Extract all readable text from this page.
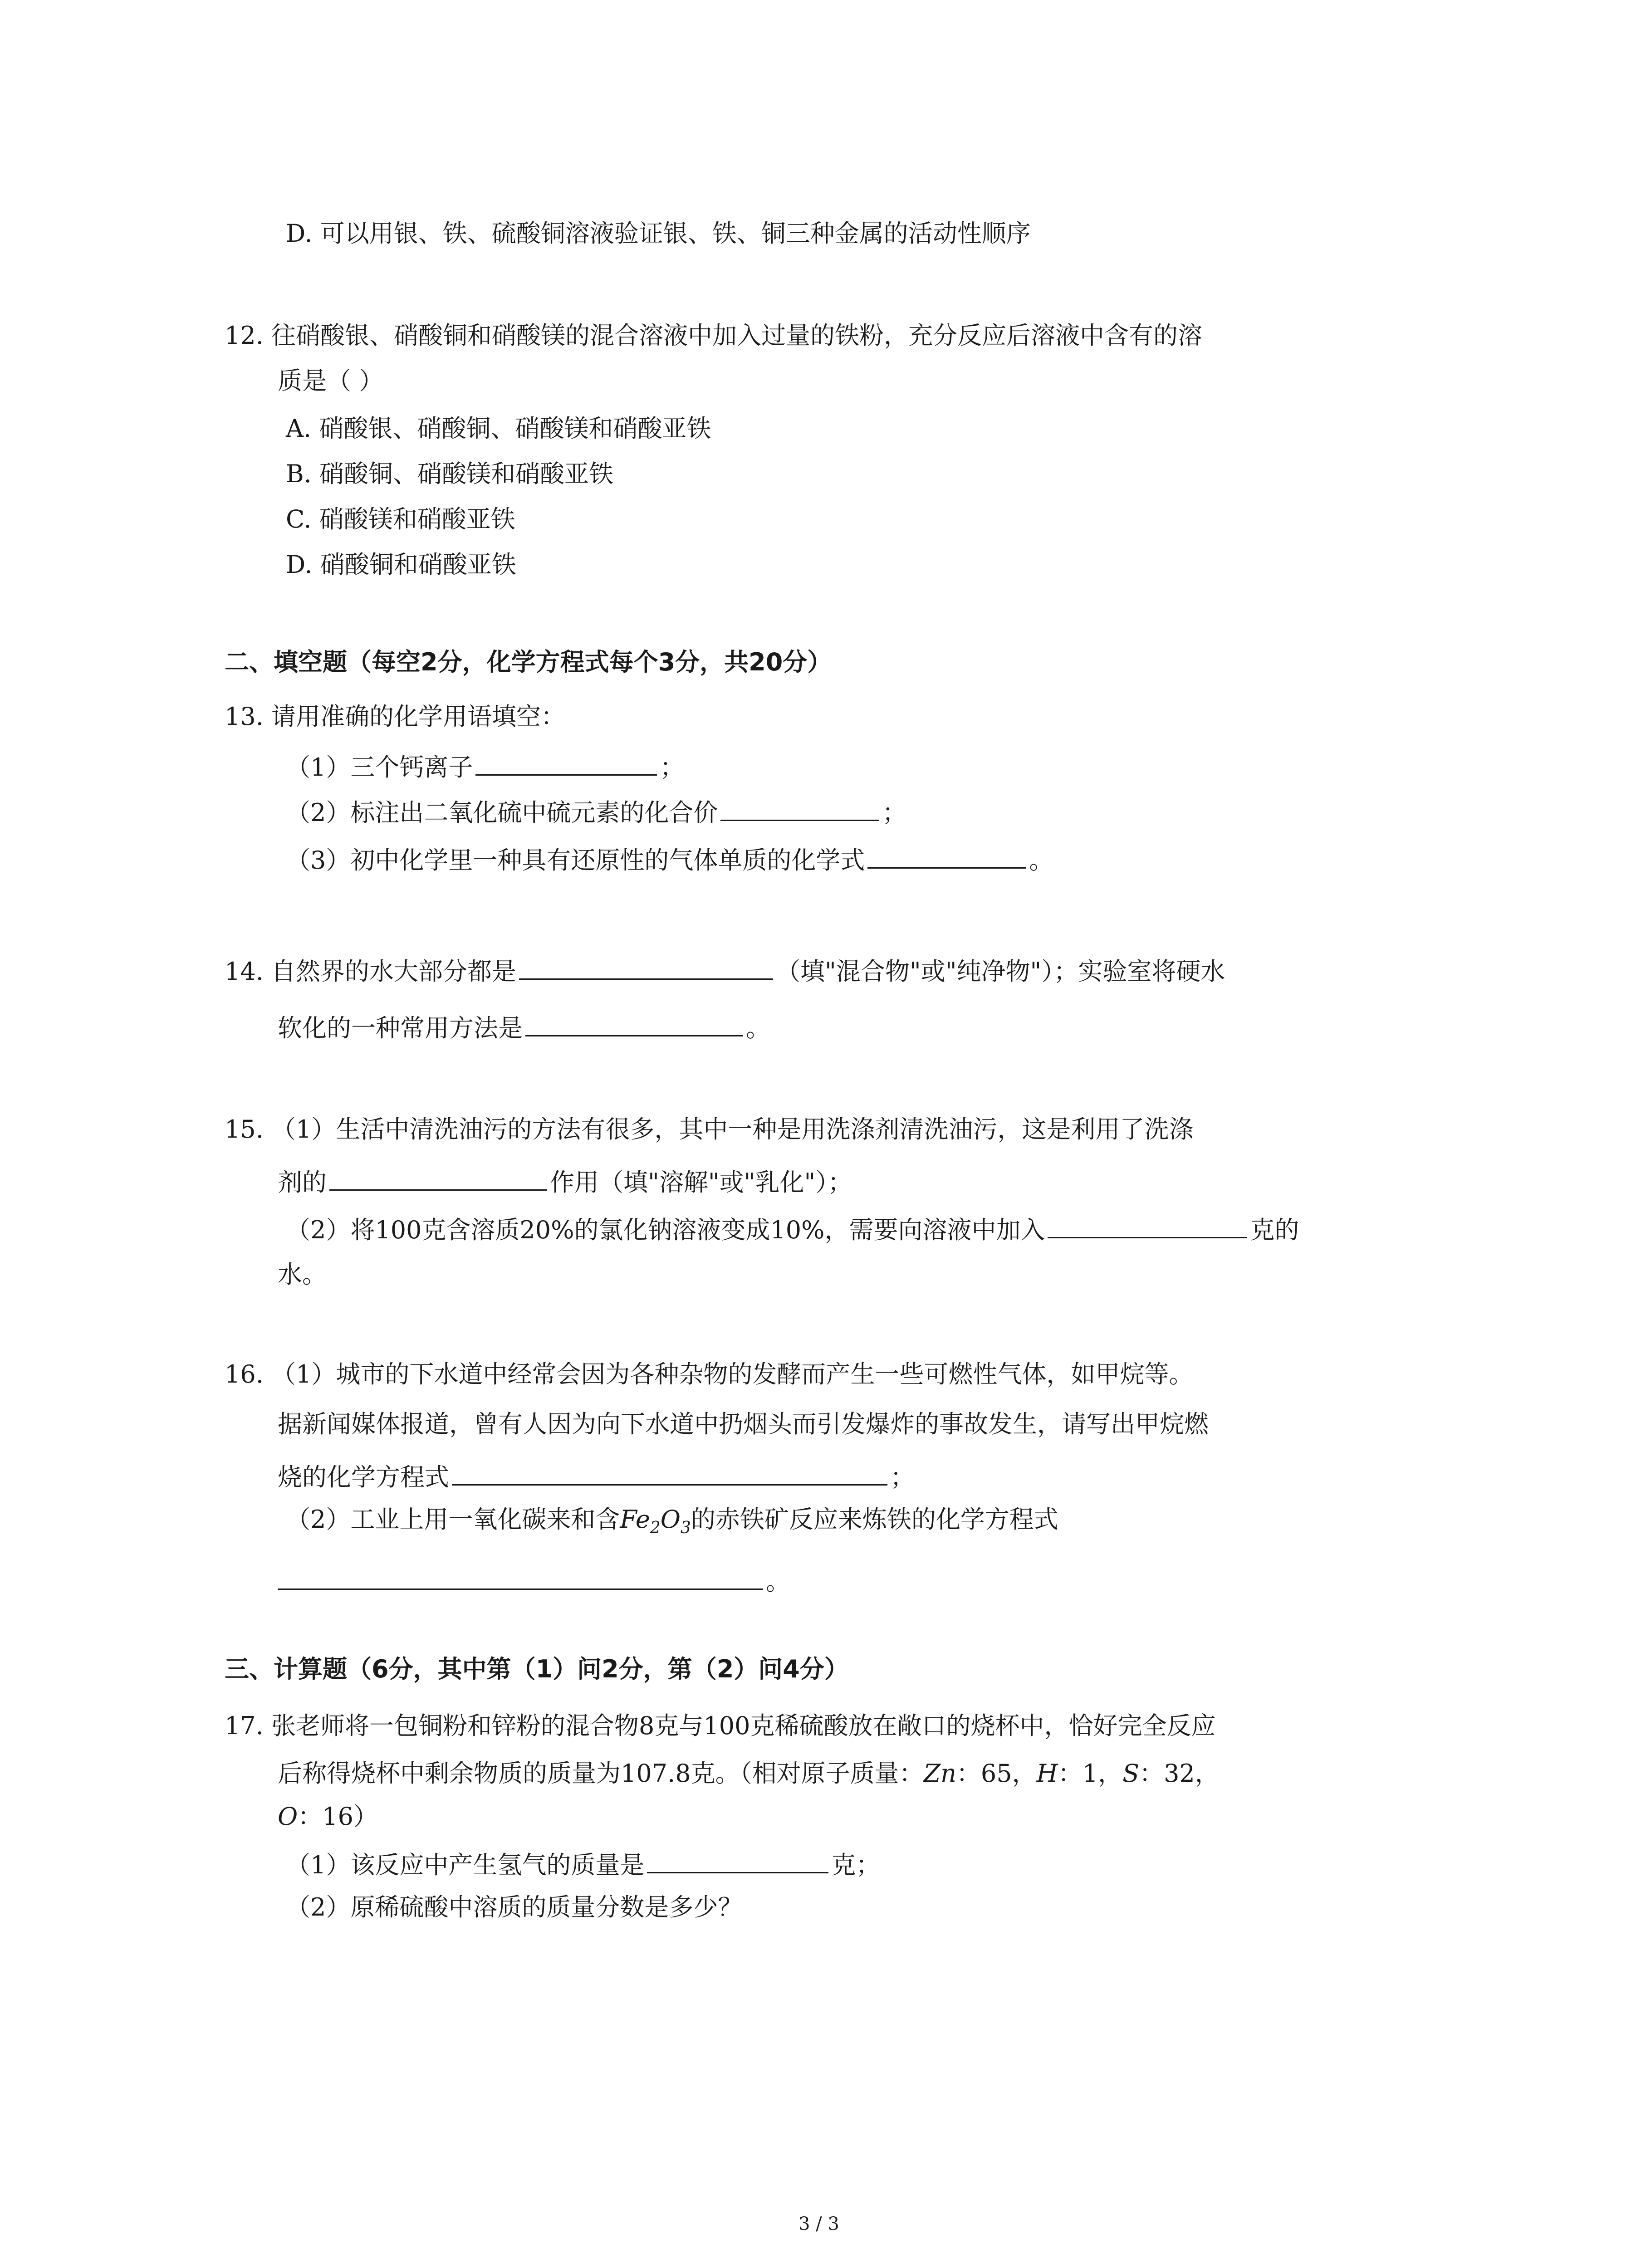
D. 可以用银、铁、硫酸铜溶液验证银、铁、铜三种金属的活动性顺序
12. 往硝酸银、硝酸铜和硝酸镁的混合溶液中加入过量的铁粉，充分反应后溶液中含有的溶
质是（ ）
A. 硝酸银、硝酸铜、硝酸镁和硝酸亚铁
B. 硝酸铜、硝酸镁和硝酸亚铁
C. 硝酸镁和硝酸亚铁
D. 硝酸铜和硝酸亚铁
二、填空题（每空2分，化学方程式每个3分，共20分）
13. 请用准确的化学用语填空：
（1）三个钙离子	；
（2）标注出二氧化硫中硫元素的化合价	；
（3）初中化学里一种具有还原性的气体单质的化学式	。
14. 自然界的水大部分都是	（填"混合物"或"纯净物"）；实验室将硬水
软化的一种常用方法是	。
15. （1）生活中清洗油污的方法有很多，其中一种是用洗涤剂清洗油污，这是利用了洗涤
剂的	作用（填"溶解"或"乳化"）；
（2）将100克含溶质20%的氯化钠溶液变成10%，需要向溶液中加入	克的
水。
16. （1）城市的下水道中经常会因为各种杂物的发酵而产生一些可燃性气体，如甲烷等。
据新闻媒体报道，曾有人因为向下水道中扔烟头而引发爆炸的事故发生，请写出甲烷燃
烧的化学方程式	；
（2）工业上用一氧化碳来和含$Fe_2O_3$的赤铁矿反应来炼铁的化学方程式
。
三、计算题（6分，其中第（1）问2分，第（2）问4分）
17. 张老师将一包铜粉和锌粉的混合物8克与100克稀硫酸放在敞口的烧杯中，恰好完全反应
后称得烧杯中剩余物质的质量为107.8克。（相对原子质量：Zn：65，H：1，S：32，
O：16）
（1）该反应中产生氢气的质量是	克；
（2）原稀硫酸中溶质的质量分数是多少？
3 / 3
